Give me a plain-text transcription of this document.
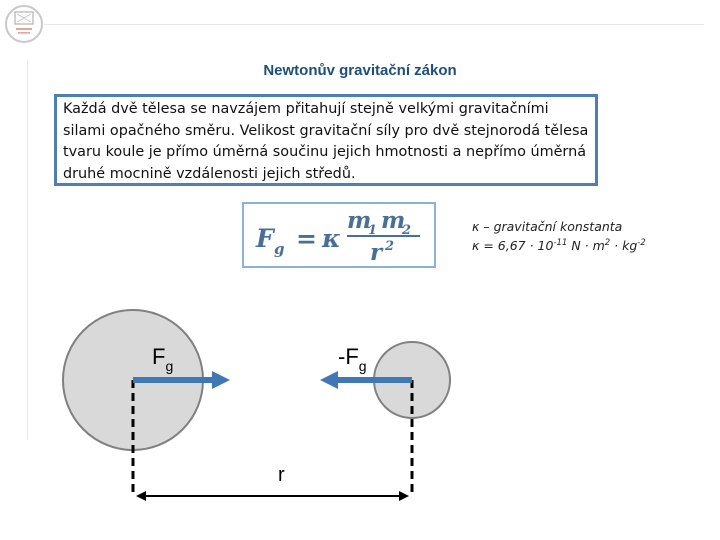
Newtonův gravitační zákon
Každá dvě tělesa se navzájem přitahují stejně velkými gravitačními silami opačného směru. Velikost gravitační síly pro dvě stejnorodá tělesa tvaru koule je přímo úměrná součinu jejich hmotnosti a nepřímo úměrná druhé mocnině vzdálenosti jejich středů.
F g = κ
m
1 m
2
r 2
κ – gravitační konstanta
$\kappa = 6,67 \cdot 10^{-11}$ $N \cdot m^2 \cdot kg^{-2}$
$F_g$	$-F_g$
r
